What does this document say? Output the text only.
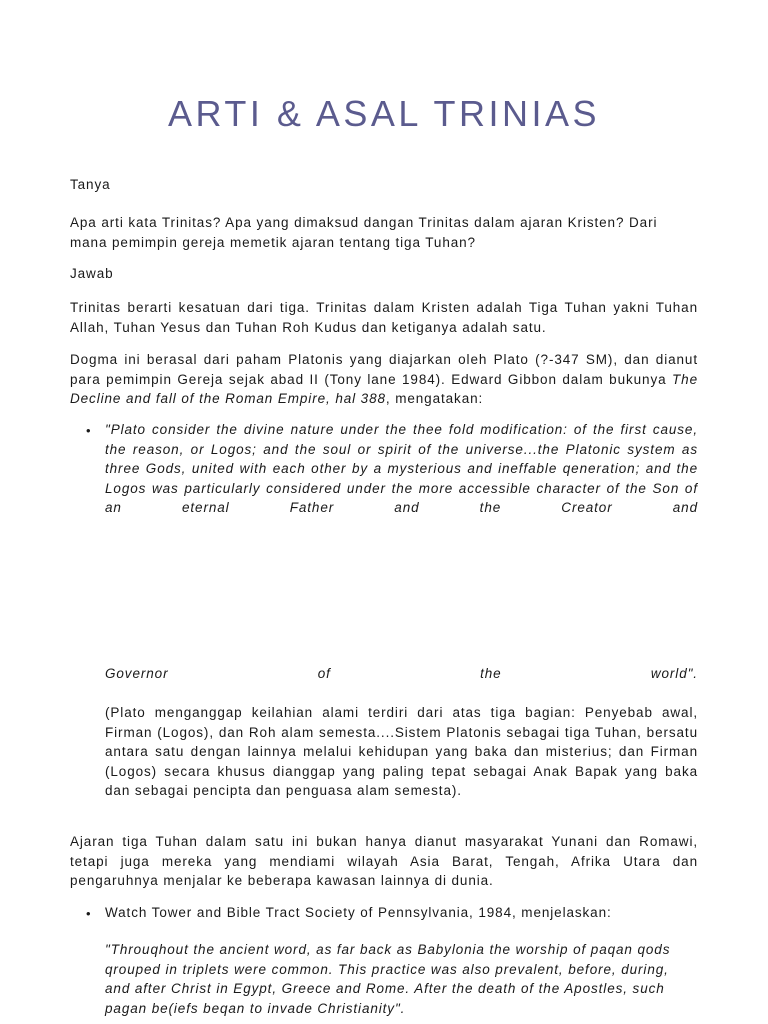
ARTI & ASAL TRINIAS

Tanya

Apa arti kata Trinitas? Apa yang dimaksud dangan Trinitas dalam ajaran Kristen? Dari mana pemimpin gereja memetik ajaran tentang tiga Tuhan?

Jawab

Trinitas berarti kesatuan dari tiga. Trinitas dalam Kristen adalah Tiga Tuhan yakni Tuhan Allah, Tuhan Yesus dan Tuhan Roh Kudus dan ketiganya adalah satu.

Dogma ini berasal dari paham Platonis yang diajarkan oleh Plato (?-347 SM), dan dianut para pemimpin Gereja sejak abad II (Tony lane 1984). Edward Gibbon dalam bukunya The Decline and fall of the Roman Empire, hal 388, mengatakan:

• "Plato consider the divine nature under the thee fold modification: of the first cause, the reason, or Logos; and the soul or spirit of the universe...the Platonic system as three Gods, united with each other by a mysterious and ineffable qeneration; and the Logos was particularly considered under the more accessible character of the Son of an eternal Father and the Creator and

Governor	of	the	world".

(Plato menganggap keilahian alami terdiri dari atas tiga bagian: Penyebab awal, Firman (Logos), dan Roh alam semesta....Sistem Platonis sebagai tiga Tuhan, bersatu antara satu dengan lainnya melalui kehidupan yang baka dan misterius; dan Firman (Logos) secara khusus dianggap yang paling tepat sebagai Anak Bapak yang baka dan sebagai pencipta dan penguasa alam semesta).

Ajaran tiga Tuhan dalam satu ini bukan hanya dianut masyarakat Yunani dan Romawi, tetapi juga mereka yang mendiami wilayah Asia Barat, Tengah, Afrika Utara dan pengaruhnya menjalar ke beberapa kawasan lainnya di dunia.

• Watch Tower and Bible Tract Society of Pennsylvania, 1984, menjelaskan:

"Throuqhout the ancient word, as far back as Babylonia the worship of paqan qods qrouped in triplets were common. This practice was also prevalent, before, during, and after Christ in Egypt, Greece and Rome. After the death of the Apostles, such pagan be(iefs beqan to invade Christianity".
